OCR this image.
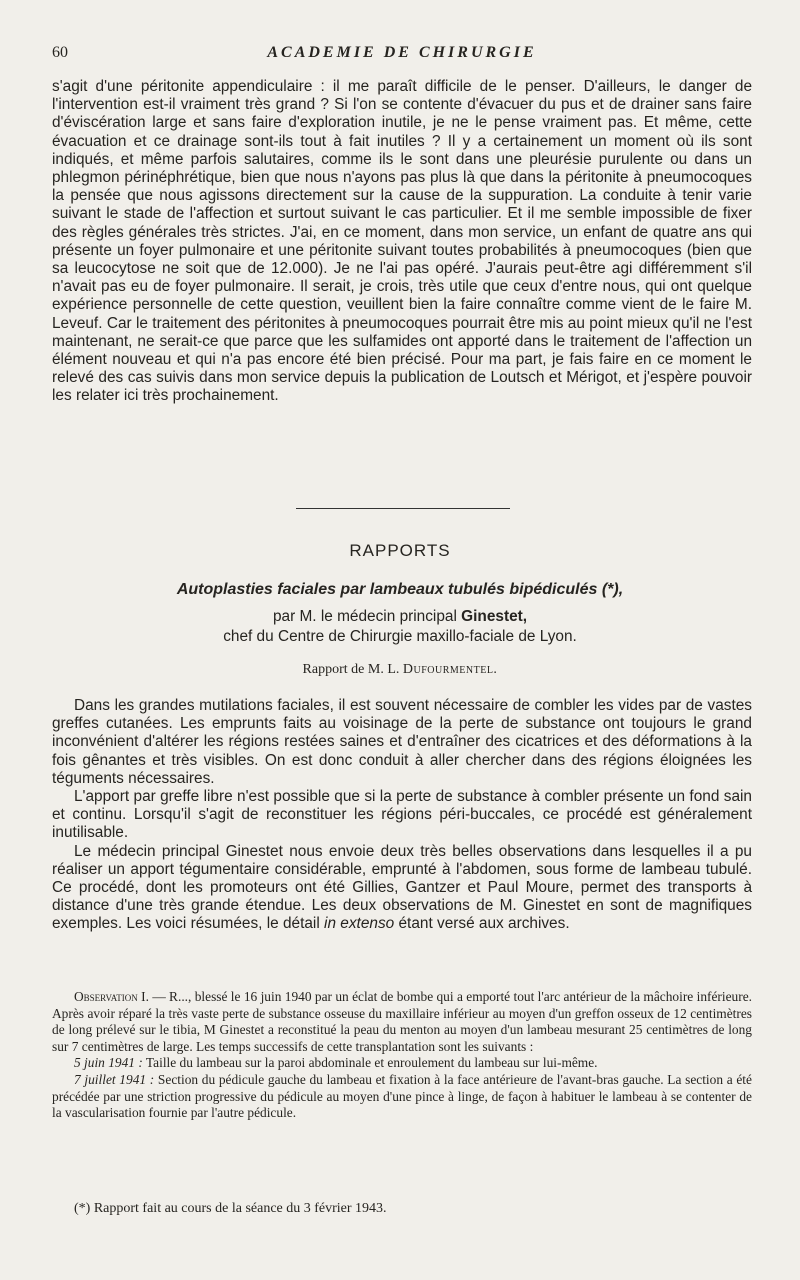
60	ACADEMIE DE CHIRURGIE

s'agit d'une péritonite appendiculaire : il me paraît difficile de le penser. D'ailleurs, le danger de l'intervention est-il vraiment très grand ? Si l'on se contente d'évacuer du pus et de drainer sans faire d'éviscération large et sans faire d'exploration inutile, je ne le pense vraiment pas. Et même, cette évacuation et ce drainage sont-ils tout à fait inutiles ? Il y a certainement un moment où ils sont indiqués, et même parfois salutaires, comme ils le sont dans une pleurésie purulente ou dans un phlegmon périnéphrétique, bien que nous n'ayons pas plus là que dans la péritonite à pneumocoques la pensée que nous agissons directement sur la cause de la suppuration. La conduite à tenir varie suivant le stade de l'affection et surtout suivant le cas particulier. Et il me semble impossible de fixer des règles générales très strictes. J'ai, en ce moment, dans mon service, un enfant de quatre ans qui présente un foyer pulmonaire et une péritonite suivant toutes probabilités à pneumocoques (bien que sa leucocytose ne soit que de 12.000). Je ne l'ai pas opéré. J'aurais peut-être agi différemment s'il n'avait pas eu de foyer pulmonaire. Il serait, je crois, très utile que ceux d'entre nous, qui ont quelque expérience personnelle de cette question, veuillent bien la faire connaître comme vient de le faire M. Leveuf. Car le traitement des péritonites à pneumocoques pourrait être mis au point mieux qu'il ne l'est maintenant, ne serait-ce que parce que les sulfamides ont apporté dans le traitement de l'affection un élément nouveau et qui n'a pas encore été bien précisé. Pour ma part, je fais faire en ce moment le relevé des cas suivis dans mon service depuis la publication de Loutsch et Mérigot, et j'espère pouvoir les relater ici très prochainement.

RAPPORTS
Autoplasties faciales par lambeaux tubulés bipédiculés (*),
par M. le médecin principal Ginestet,
chef du Centre de Chirurgie maxillo-faciale de Lyon.
Rapport de M. L. Dufourmentel.

Dans les grandes mutilations faciales, il est souvent nécessaire de combler les vides par de vastes greffes cutanées. Les emprunts faits au voisinage de la perte de substance ont toujours le grand inconvénient d'altérer les régions restées saines et d'entraîner des cicatrices et des déformations à la fois gênantes et très visibles. On est donc conduit à aller chercher dans des régions éloignées les téguments nécessaires.

L'apport par greffe libre n'est possible que si la perte de substance à combler présente un fond sain et continu. Lorsqu'il s'agit de reconstituer les régions péri-buccales, ce procédé est généralement inutilisable.

Le médecin principal Ginestet nous envoie deux très belles observations dans lesquelles il a pu réaliser un apport tégumentaire considérable, emprunté à l'abdomen, sous forme de lambeau tubulé. Ce procédé, dont les promoteurs ont été Gillies, Gantzer et Paul Moure, permet des transports à distance d'une très grande étendue. Les deux observations de M. Ginestet en sont de magnifiques exemples. Les voici résumées, le détail in extenso étant versé aux archives.

Observation I. — R..., blessé le 16 juin 1940 par un éclat de bombe qui a emporté tout l'arc antérieur de la mâchoire inférieure. Après avoir réparé la très vaste perte de substance osseuse du maxillaire inférieur au moyen d'un greffon osseux de 12 centimètres de long prélevé sur le tibia, M Ginestet a reconstitué la peau du menton au moyen d'un lambeau mesurant 25 centimètres de long sur 7 centimètres de large. Les temps successifs de cette transplantation sont les suivants :

5 juin 1941 : Taille du lambeau sur la paroi abdominale et enroulement du lambeau sur lui-même.

7 juillet 1941 : Section du pédicule gauche du lambeau et fixation à la face antérieure de l'avant-bras gauche. La section a été précédée par une striction progressive du pédicule au moyen d'une pince à linge, de façon à habituer le lambeau à se contenter de la vascularisation fournie par l'autre pédicule.

(*) Rapport fait au cours de la séance du 3 février 1943.
